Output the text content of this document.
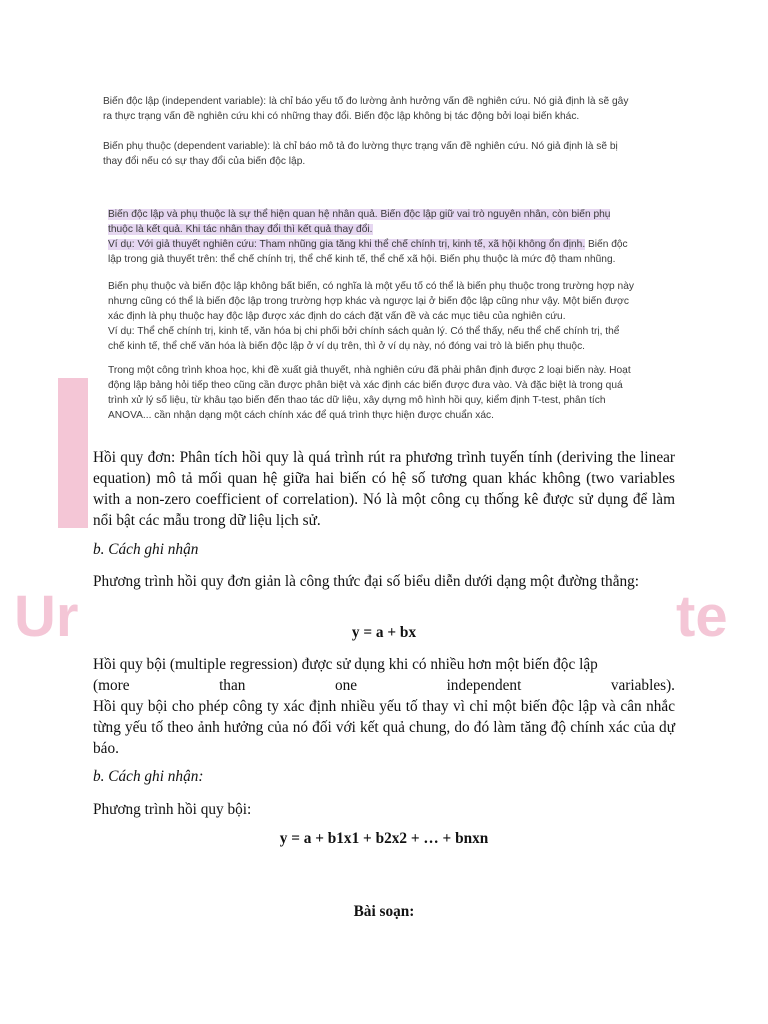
Ur	te

Biến độc lập (independent variable): là chỉ báo yếu tố đo lường ảnh hưởng vấn đề nghiên cứu. Nó giả định là sẽ gây

ra thực trạng vấn đề nghiên cứu khi có những thay đổi. Biến độc lập không bị tác động bởi loại biến khác.

Biến phụ thuộc (dependent variable): là chỉ báo mô tả đo lường thực trạng vấn đề nghiên cứu. Nó giả định là sẽ bị

thay đổi nếu có sự thay đổi của biến độc lập.

Biến độc lập và phụ thuộc là sự thể hiện quan hệ nhân quả. Biến độc lập giữ vai trò nguyên nhân, còn biến phụ

thuộc là kết quả. Khi tác nhân thay đổi thì kết quả thay đổi.

Ví dụ: Với giả thuyết nghiên cứu: Tham nhũng gia tăng khi thể chế chính trị, kinh tế, xã hội không ổn định. Biến độc

lập trong giả thuyết trên: thể chế chính trị, thể chế kinh tế, thể chế xã hội. Biến phụ thuộc là mức độ tham nhũng.

Biến phụ thuộc và biến độc lập không bất biến, có nghĩa là một yếu tố có thể là biến phụ thuộc trong trường hợp này

nhưng cũng có thể là biến độc lập trong trường hợp khác và ngược lại ở biến độc lập cũng như vậy. Một biến được

xác định là phụ thuộc hay độc lập được xác định do cách đặt vấn đề và các mục tiêu của nghiên cứu.

Ví dụ: Thể chế chính trị, kinh tế, văn hóa bị chi phối bởi chính sách quản lý. Có thể thấy, nếu thể chế chính trị, thể

chế kinh tế, thể chế văn hóa là biến độc lập ở ví dụ trên, thì ở ví dụ này, nó đóng vai trò là biến phụ thuộc.

Trong một công trình khoa học, khi đề xuất giả thuyết, nhà nghiên cứu đã phải phân định được 2 loại biến này. Hoạt

động lập bảng hỏi tiếp theo cũng cần được phân biệt và xác định các biến được đưa vào. Và đặc biệt là trong quá

trình xử lý số liệu, từ khâu tạo biến đến thao tác dữ liệu, xây dựng mô hình hồi quy, kiểm định T-test, phân tích

ANOVA... cần nhận dạng một cách chính xác để quá trình thực hiện được chuẩn xác.

Hồi quy đơn: Phân tích hồi quy là quá trình rút ra phương trình tuyến tính (deriving the linear equation) mô tả mối quan hệ giữa hai biến có hệ số tương quan khác không (two variables with a non-zero coefficient of correlation). Nó là một công cụ thống kê được sử dụng để làm nổi bật các mẫu trong dữ liệu lịch sử.

b. Cách ghi nhận

Phương trình hồi quy đơn giản là công thức đại số biểu diễn dưới dạng một đường thẳng:

y = a + bx

Hồi quy bội (multiple regression) được sử dụng khi có nhiều hơn một biến độc lập

(more	than	one	independent	variables).

Hồi quy bội cho phép công ty xác định nhiều yếu tố thay vì chỉ một biến độc lập và cân nhắc từng yếu tố theo ảnh hưởng của nó đối với kết quả chung, do đó làm tăng độ chính xác của dự báo.

b. Cách ghi nhận:

Phương trình hồi quy bội:

y = a + b1x1 + b2x2 + … + bnxn
Bài soạn:
